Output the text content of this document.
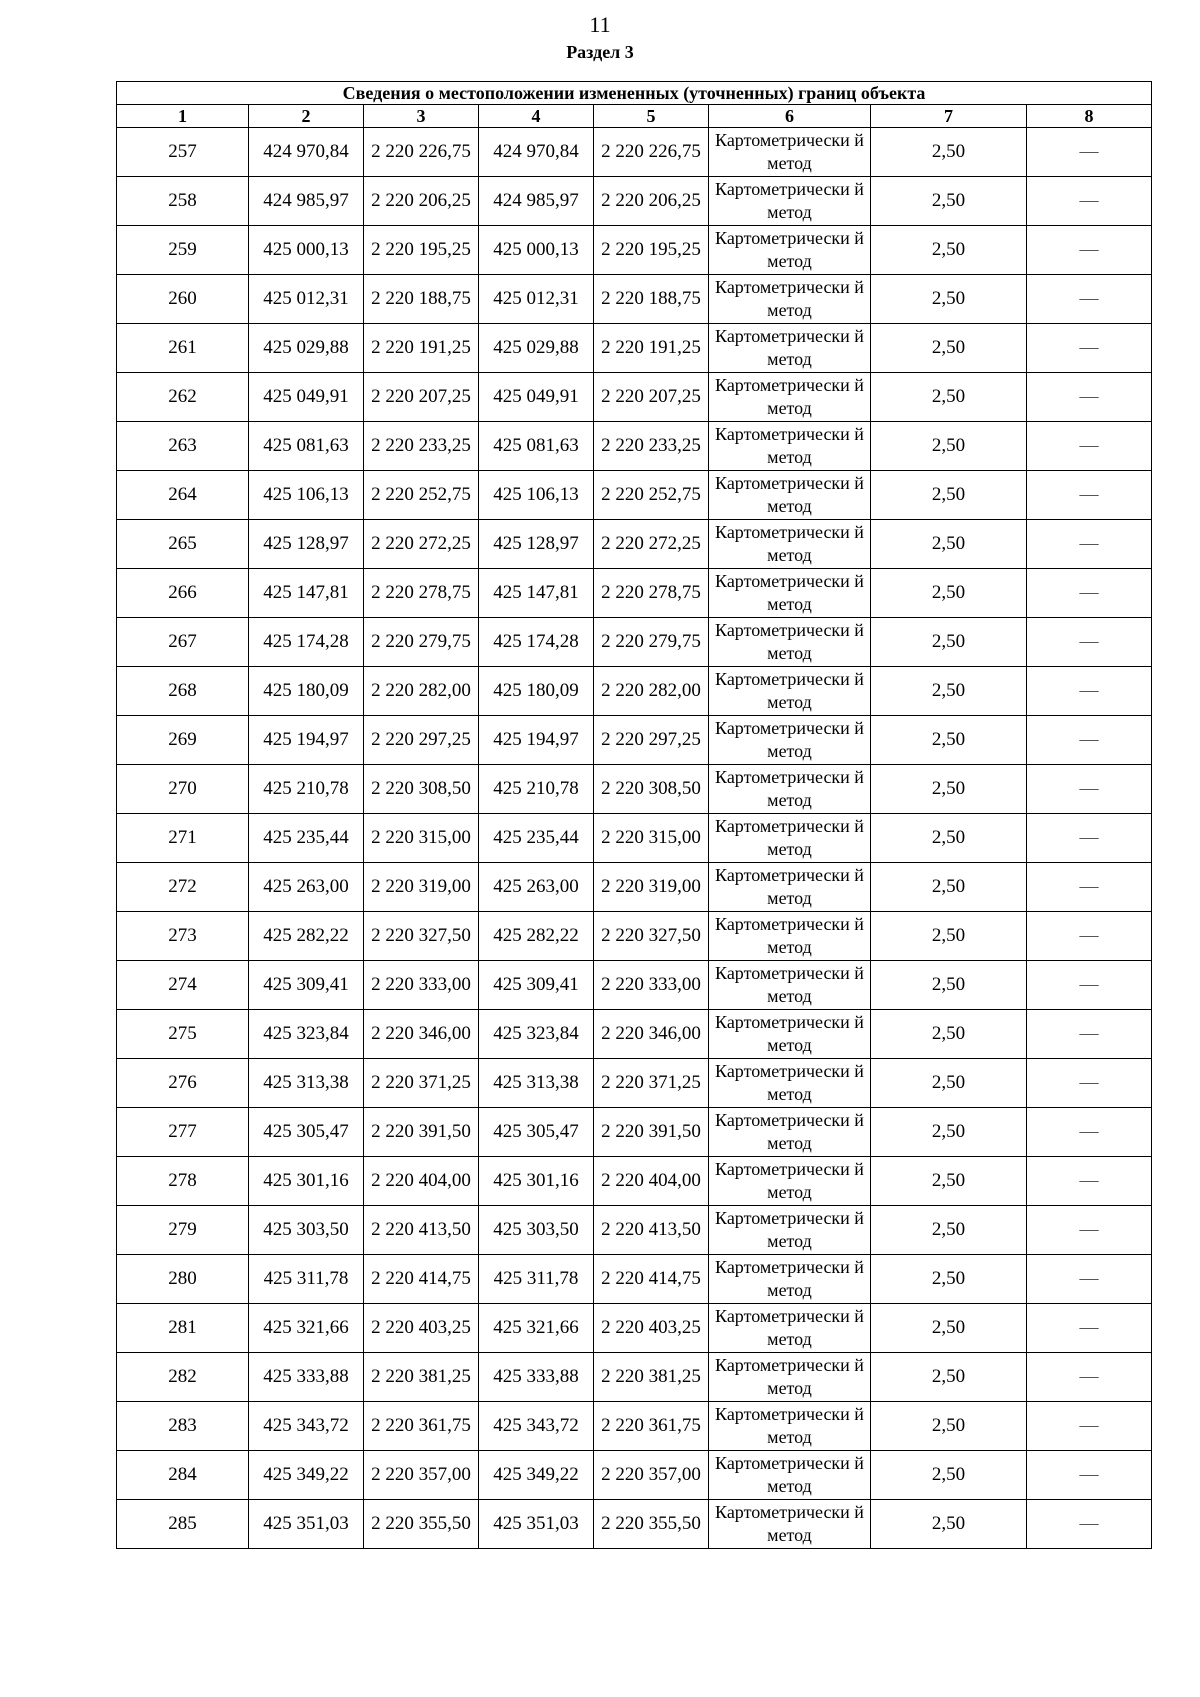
11
Раздел 3
Сведения о местоположении измененных (уточненных) границ объекта							
1	2	3	4	5	6	7	8
257	424 970,84	2 220 226,75	424 970,84	2 220 226,75	Картометрически й метод	2,50	—
258	424 985,97	2 220 206,25	424 985,97	2 220 206,25	Картометрически й метод	2,50	—
259	425 000,13	2 220 195,25	425 000,13	2 220 195,25	Картометрически й метод	2,50	—
260	425 012,31	2 220 188,75	425 012,31	2 220 188,75	Картометрически й метод	2,50	—
261	425 029,88	2 220 191,25	425 029,88	2 220 191,25	Картометрически й метод	2,50	—
262	425 049,91	2 220 207,25	425 049,91	2 220 207,25	Картометрически й метод	2,50	—
263	425 081,63	2 220 233,25	425 081,63	2 220 233,25	Картометрически й метод	2,50	—
264	425 106,13	2 220 252,75	425 106,13	2 220 252,75	Картометрически й метод	2,50	—
265	425 128,97	2 220 272,25	425 128,97	2 220 272,25	Картометрически й метод	2,50	—
266	425 147,81	2 220 278,75	425 147,81	2 220 278,75	Картометрически й метод	2,50	—
267	425 174,28	2 220 279,75	425 174,28	2 220 279,75	Картометрически й метод	2,50	—
268	425 180,09	2 220 282,00	425 180,09	2 220 282,00	Картометрически й метод	2,50	—
269	425 194,97	2 220 297,25	425 194,97	2 220 297,25	Картометрически й метод	2,50	—
270	425 210,78	2 220 308,50	425 210,78	2 220 308,50	Картометрически й метод	2,50	—
271	425 235,44	2 220 315,00	425 235,44	2 220 315,00	Картометрически й метод	2,50	—
272	425 263,00	2 220 319,00	425 263,00	2 220 319,00	Картометрически й метод	2,50	—
273	425 282,22	2 220 327,50	425 282,22	2 220 327,50	Картометрически й метод	2,50	—
274	425 309,41	2 220 333,00	425 309,41	2 220 333,00	Картометрически й метод	2,50	—
275	425 323,84	2 220 346,00	425 323,84	2 220 346,00	Картометрически й метод	2,50	—
276	425 313,38	2 220 371,25	425 313,38	2 220 371,25	Картометрически й метод	2,50	—
277	425 305,47	2 220 391,50	425 305,47	2 220 391,50	Картометрически й метод	2,50	—
278	425 301,16	2 220 404,00	425 301,16	2 220 404,00	Картометрически й метод	2,50	—
279	425 303,50	2 220 413,50	425 303,50	2 220 413,50	Картометрически й метод	2,50	—
280	425 311,78	2 220 414,75	425 311,78	2 220 414,75	Картометрически й метод	2,50	—
281	425 321,66	2 220 403,25	425 321,66	2 220 403,25	Картометрически й метод	2,50	—
282	425 333,88	2 220 381,25	425 333,88	2 220 381,25	Картометрически й метод	2,50	—
283	425 343,72	2 220 361,75	425 343,72	2 220 361,75	Картометрически й метод	2,50	—
284	425 349,22	2 220 357,00	425 349,22	2 220 357,00	Картометрически й метод	2,50	—
285	425 351,03	2 220 355,50	425 351,03	2 220 355,50	Картометрически й метод	2,50	—
